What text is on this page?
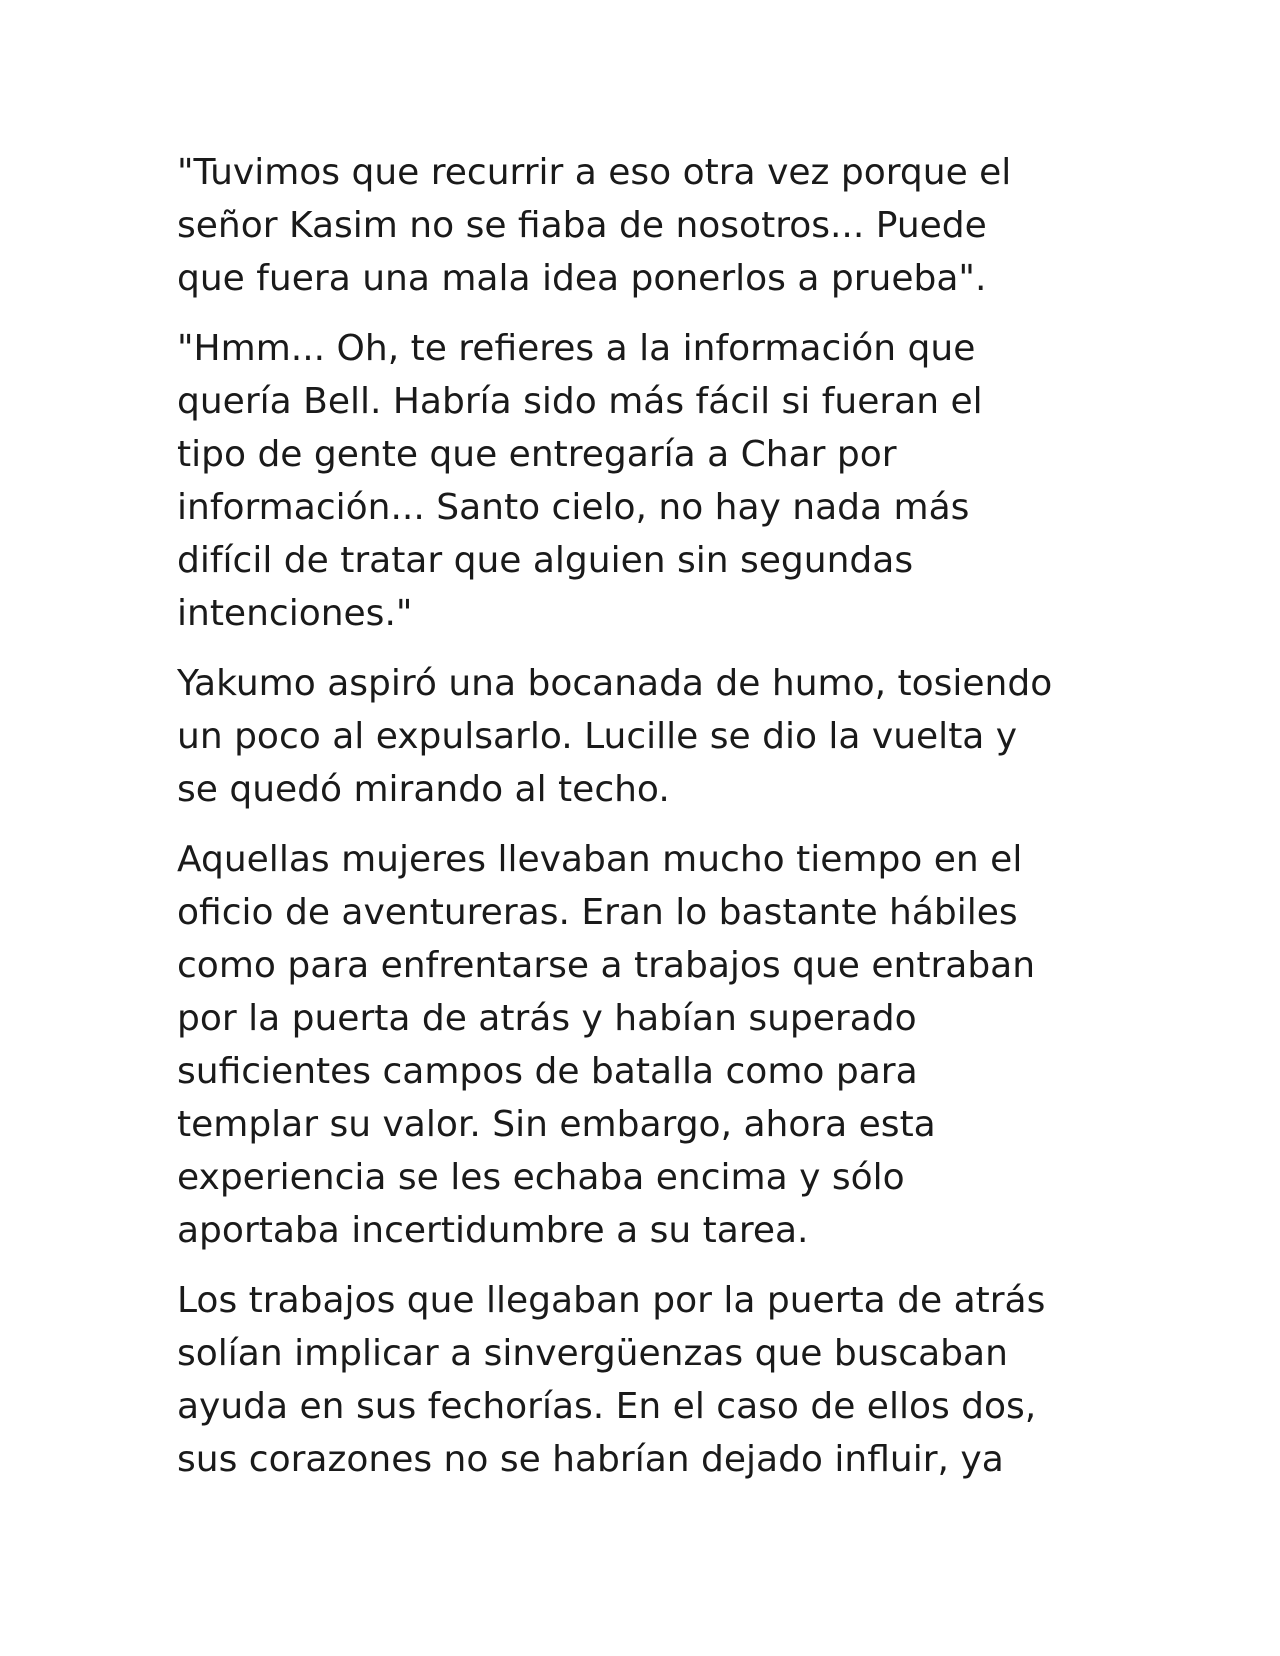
"Tuvimos que recurrir a eso otra vez porque el
señor Kasim no se fiaba de nosotros... Puede
que fuera una mala idea ponerlos a prueba".

"Hmm... Oh, te refieres a la información que
quería Bell. Habría sido más fácil si fueran el
tipo de gente que entregaría a Char por
información... Santo cielo, no hay nada más
difícil de tratar que alguien sin segundas
intenciones."

Yakumo aspiró una bocanada de humo, tosiendo
un poco al expulsarlo. Lucille se dio la vuelta y
se quedó mirando al techo.

Aquellas mujeres llevaban mucho tiempo en el
oficio de aventureras. Eran lo bastante hábiles
como para enfrentarse a trabajos que entraban
por la puerta de atrás y habían superado
suficientes campos de batalla como para
templar su valor. Sin embargo, ahora esta
experiencia se les echaba encima y sólo
aportaba incertidumbre a su tarea.

Los trabajos que llegaban por la puerta de atrás
solían implicar a sinvergüenzas que buscaban
ayuda en sus fechorías. En el caso de ellos dos,
sus corazones no se habrían dejado influir, ya
